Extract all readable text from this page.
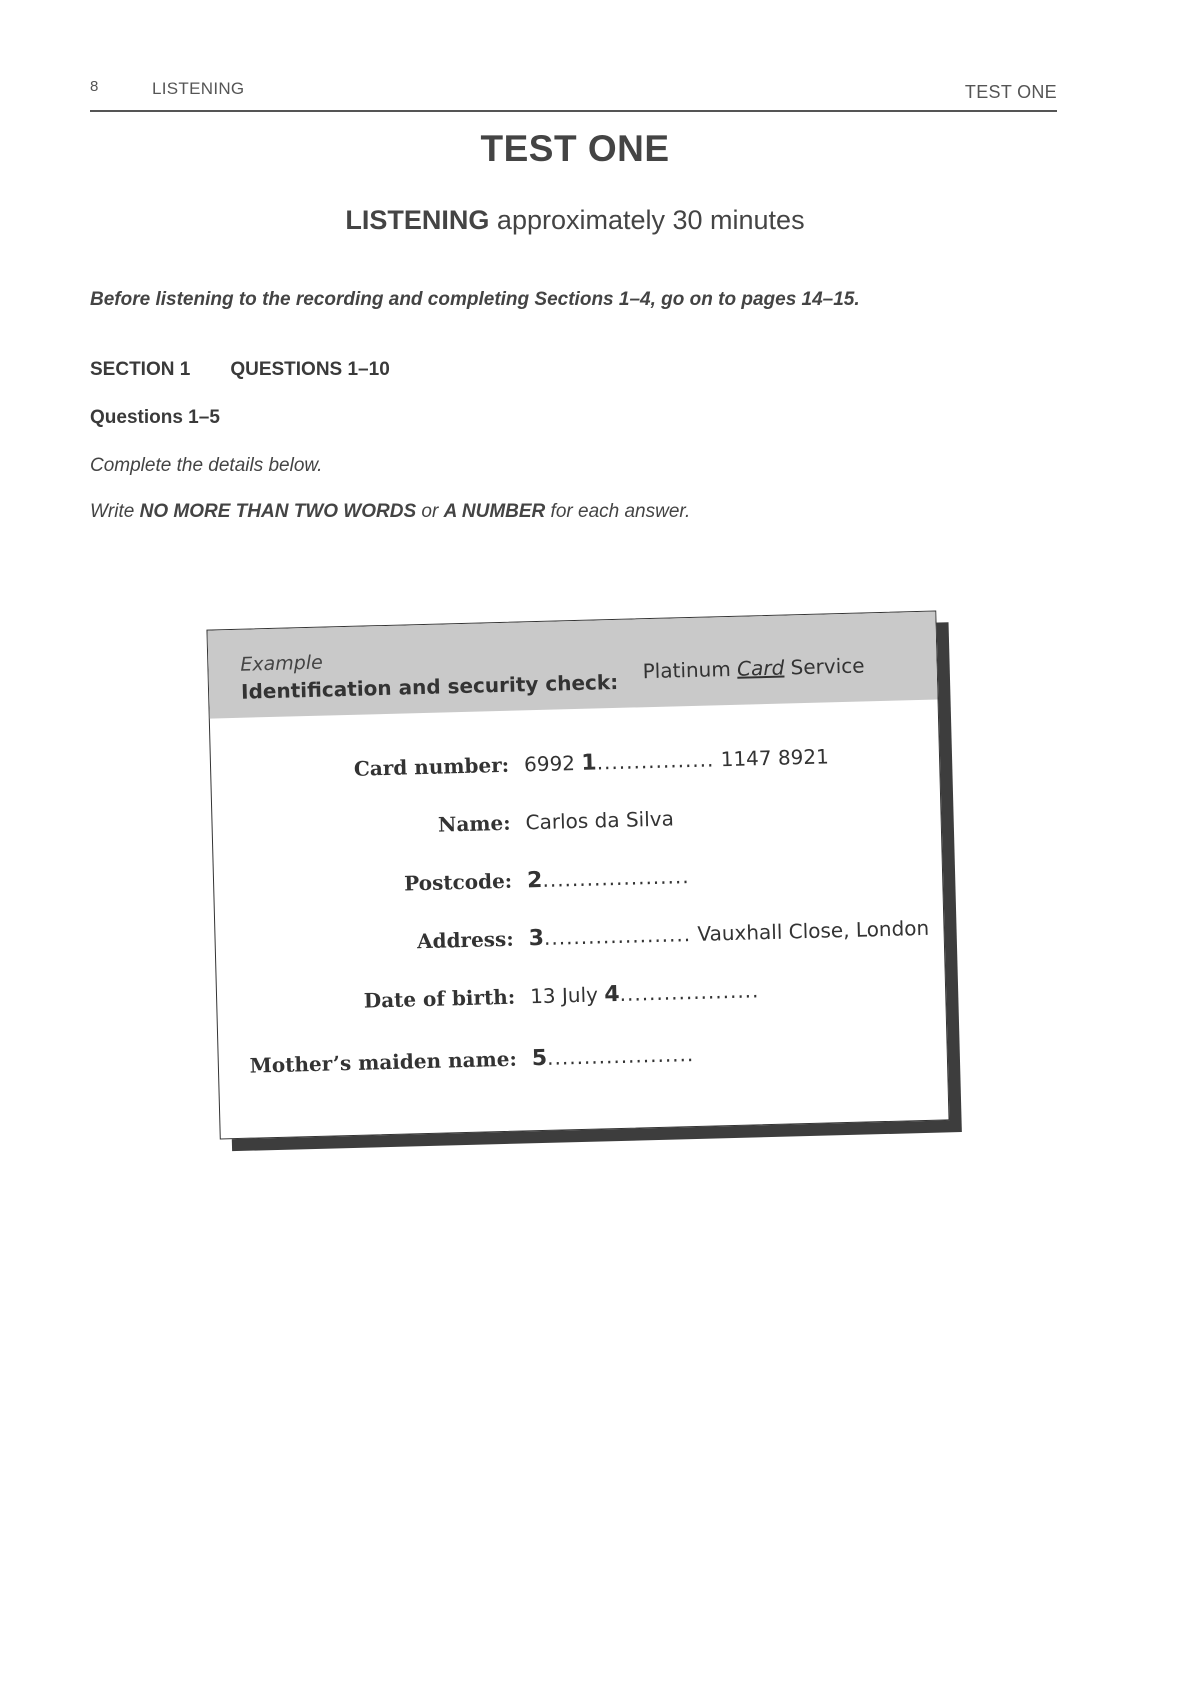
8	LISTENING	TEST ONE
TEST ONE
LISTENING approximately 30 minutes
Before listening to the recording and completing Sections 1–4, go on to pages 14–15.
SECTION 1 QUESTIONS 1–10
Questions 1–5
Complete the details below.
Write NO MORE THAN TWO WORDS or A NUMBER for each answer.
Example
Identification and security check: Platinum Card Service
Card number: 6992 1................ 1147 8921
Name: Carlos da Silva
Postcode: 2....................
Address: 3.................... Vauxhall Close, London
Date of birth: 13 July 4...................
Mother’s maiden name: 5....................
